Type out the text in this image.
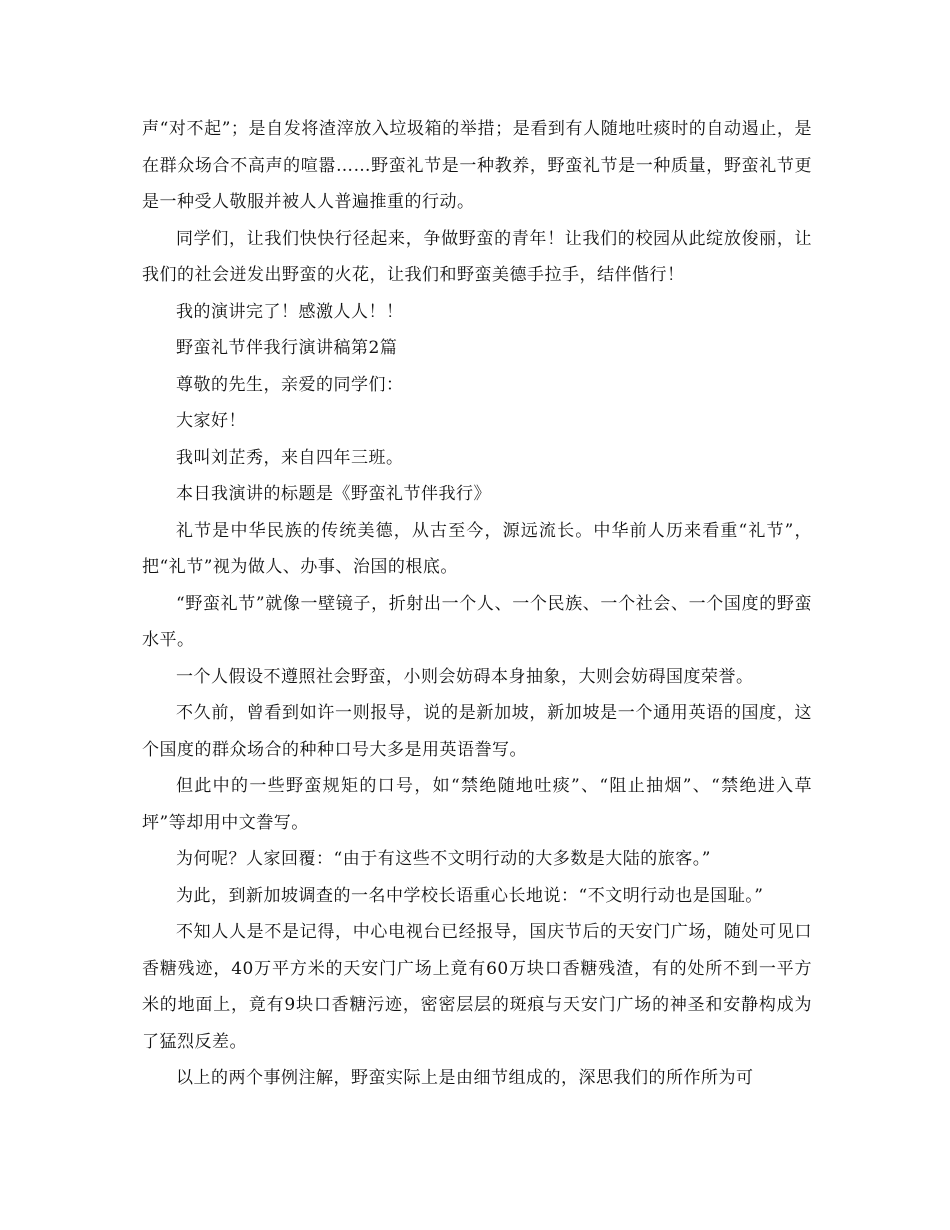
声“对不起”；是自发将渣滓放入垃圾箱的举措；是看到有人随地吐痰时的自动遏止，是在群众场合不高声的喧嚣……野蛮礼节是一种教养，野蛮礼节是一种质量，野蛮礼节更是一种受人敬服并被人人普遍推重的行动。

同学们，让我们快快行径起来，争做野蛮的青年！让我们的校园从此绽放俊丽，让我们的社会迸发出野蛮的火花，让我们和野蛮美德手拉手，结伴偕行！

我的演讲完了！感激人人！！

野蛮礼节伴我行演讲稿第2篇

尊敬的先生，亲爱的同学们：

大家好！

我叫刘芷秀，来自四年三班。

本日我演讲的标题是《野蛮礼节伴我行》

礼节是中华民族的传统美德，从古至今，源远流长。中华前人历来看重“礼节”，把“礼节”视为做人、办事、治国的根底。

“野蛮礼节”就像一壁镜子，折射出一个人、一个民族、一个社会、一个国度的野蛮水平。

一个人假设不遵照社会野蛮，小则会妨碍本身抽象，大则会妨碍国度荣誉。

不久前，曾看到如许一则报导，说的是新加坡，新加坡是一个通用英语的国度，这个国度的群众场合的种种口号大多是用英语誊写。

但此中的一些野蛮规矩的口号，如“禁绝随地吐痰”、“阻止抽烟”、“禁绝进入草坪”等却用中文誊写。

为何呢？人家回覆：“由于有这些不文明行动的大多数是大陆的旅客。”

为此，到新加坡调查的一名中学校长语重心长地说：“不文明行动也是国耻。”

不知人人是不是记得，中心电视台已经报导，国庆节后的天安门广场，随处可见口香糖残迹，40万平方米的天安门广场上竟有60万块口香糖残渣，有的处所不到一平方米的地面上，竟有9块口香糖污迹，密密层层的斑痕与天安门广场的神圣和安静构成为了猛烈反差。

以上的两个事例注解，野蛮实际上是由细节组成的，深思我们的所作所为可
